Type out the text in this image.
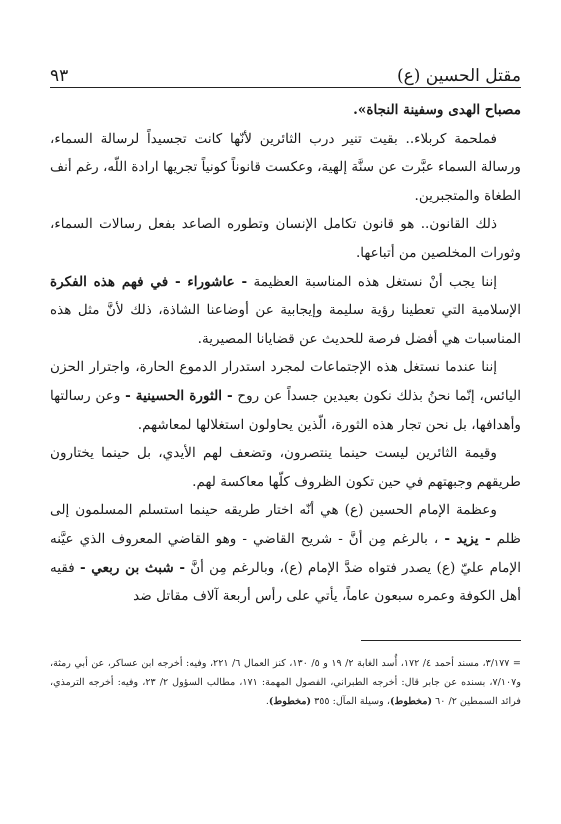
مقتل الحسين (ع)
٩٣

مصباح الهدى وسفينة النجاة».

فملحمة كربلاء.. بقيت تنير درب الثائرين لأنّها كانت تجسيداً لرسالة السماء، ورسالة السماء عبَّرت عن سنَّة إلهية، وعكست قانوناً كونياً تجريها ارادة اللّه، رغم أنف الطغاة والمتجبرين.

ذلك القانون.. هو قانون تكامل الإنسان وتطوره الصاعد بفعل رسالات السماء، وثورات المخلصين من أتباعها.

إننا يجب أنْ نستغل هذه المناسبة العظيمة - عاشوراء - في فهم هذه الفكرة الإسلامية التي تعطينا رؤية سليمة وإيجابية عن أوضاعنا الشاذة، ذلك لأنَّ مثل هذه المناسبات هي أفضل فرصة للحديث عن قضايانا المصيرية.

إننا عندما نستغل هذه الإجتماعات لمجرد استدرار الدموع الحارة، واجترار الحزن اليائس، إنّما نحنُ بذلك نكون بعيدين جسداً عن روح - الثورة الحسينية - وعن رسالتها وأهدافها، بل نحن تجار هذه الثورة، الّذين يحاولون استغلالها لمعاشهم.

وقيمة الثائرين ليست حينما ينتصرون، وتضعف لهم الأيدي، بل حينما يختارون طريقهم وجبهتهم في حين تكون الظروف كلّها معاكسة لهم.

وعظمة الإمام الحسين (ع) هي أنّه اختار طريقه حينما استسلم المسلمون إلى ظلم - يزيد - ، بالرغم مِن أنَّ - شريح القاضي - وهو القاضي المعروف الذي عيَّنه الإمام عليّ (ع) يصدر فتواه ضدَّ الإمام (ع)، وبالرغم مِن أنَّ - شبث بن ربعي - فقيه أهل الكوفة وعمره سبعون عاماً، يأتي على رأس أربعة آلاف مقاتل ضد

= ٣/١٧٧، مسند أحمد ٤/ ١٧٢، أُسد الغابة ٢/ ١٩ و ٥/ ١٣٠، كنز العمال ٦/ ٢٢١، وفيه: أخرجه ابن عساكر، عن أبي رمثة، و٧/١٠٧، بسنده عن جابر قال: أخرجه الطبراني، الفصول المهمة: ١٧١، مطالب السؤول ٢/ ٢٣، وفيه: أخرجه الترمذي، فرائد السمطين ٢/ ٦٠ (مخطوط)، وسيلة المآل: ٣٥٥ (مخطوط).
